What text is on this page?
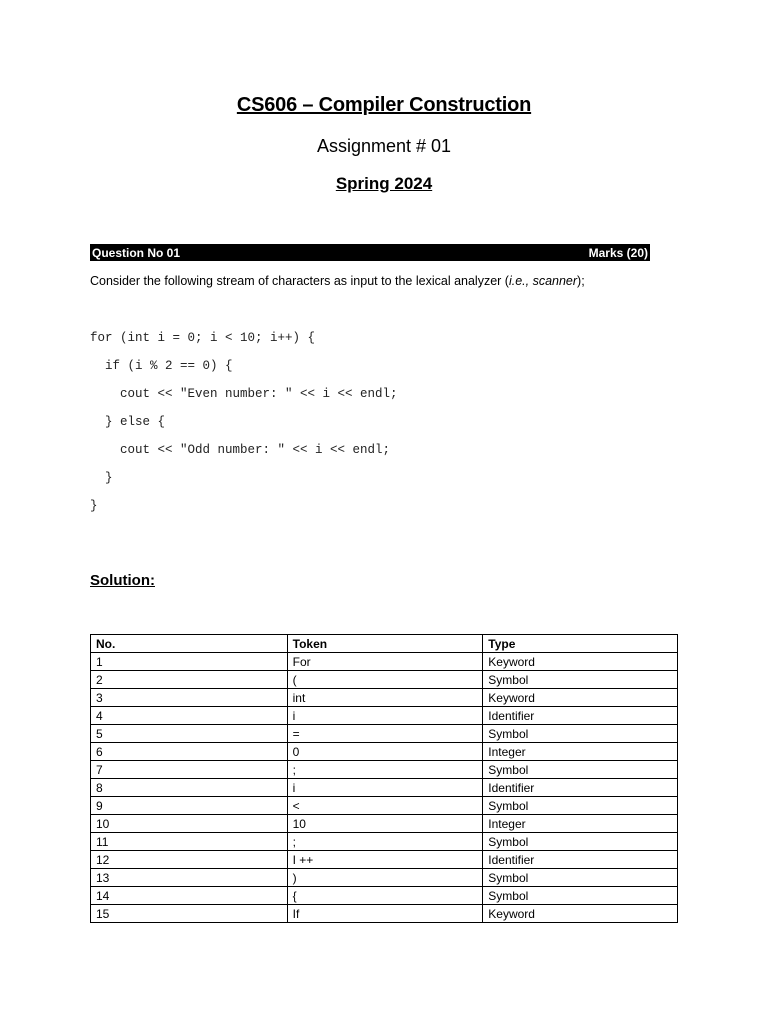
CS606 – Compiler Construction
Assignment # 01
Spring 2024
Question No 01	Marks (20)
Consider the following stream of characters as input to the lexical analyzer (i.e., scanner);
for (int i = 0; i < 10; i++) {
if (i % 2 == 0) {
cout << "Even number: " << i << endl;
} else {
cout << "Odd number: " << i << endl;
}
}
Solution:
No.	Token	Type
1	For	Keyword
2	(	Symbol
3	int	Keyword
4	i	Identifier
5	=	Symbol
6	0	Integer
7	;	Symbol
8	i	Identifier
9	<	Symbol
10	10	Integer
11	;	Symbol
12	I ++	Identifier
13	)	Symbol
14	{	Symbol
15	If	Keyword
